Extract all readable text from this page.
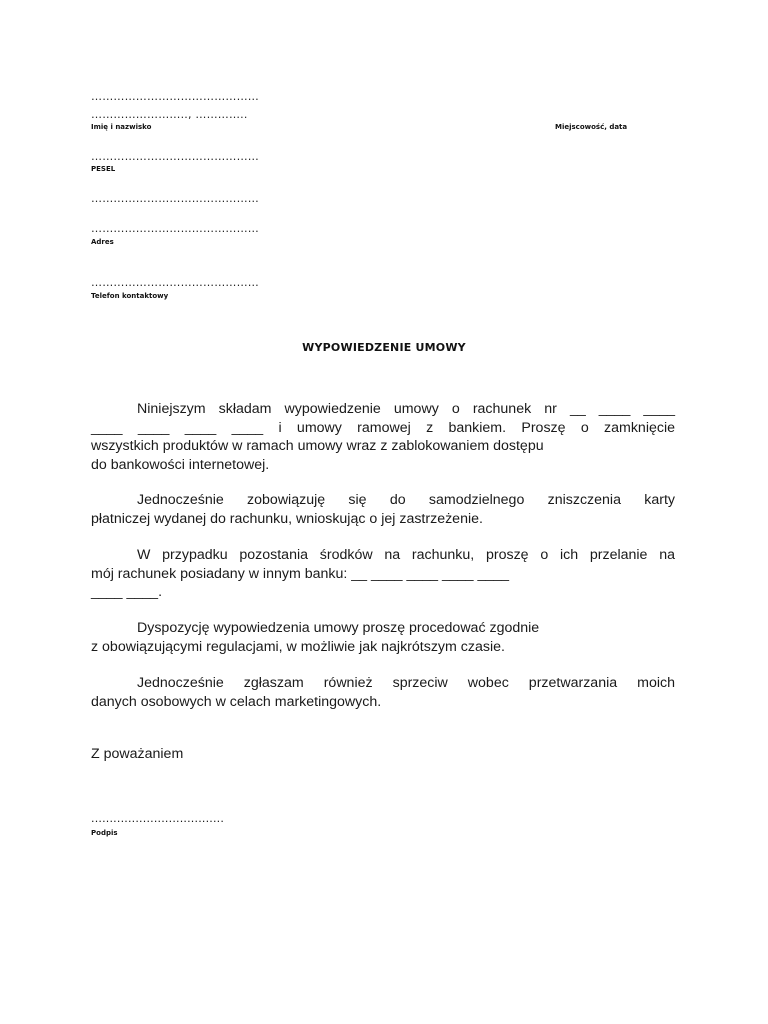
………………………………………
…………………….., …………..
Imię i nazwisko	Miejscowość, data
………………………………………
PESEL
………………………………………
………………………………………
Adres
………………………………………
Telefon kontaktowy
WYPOWIEDZENIE UMOWY
Niniejszym składam wypowiedzenie umowy o rachunek nr __ ____ ____
____ ____ ____ ____ i umowy ramowej z bankiem. Proszę o zamknięcie
wszystkich produktów w ramach umowy wraz z zablokowaniem dostępu
do bankowości internetowej.
Jednocześnie zobowiązuję się do samodzielnego zniszczenia karty
płatniczej wydanej do rachunku, wnioskując o jej zastrzeżenie.
W przypadku pozostania środków na rachunku, proszę o ich przelanie na
mój rachunek posiadany w innym banku: __ ____ ____ ____ ____
____ ____.
Dyspozycję wypowiedzenia umowy proszę procedować zgodnie
z obowiązującymi regulacjami, w możliwie jak najkrótszym czasie.
Jednocześnie zgłaszam również sprzeciw wobec przetwarzania moich
danych osobowych w celach marketingowych.
Z poważaniem
....................................
Podpis
